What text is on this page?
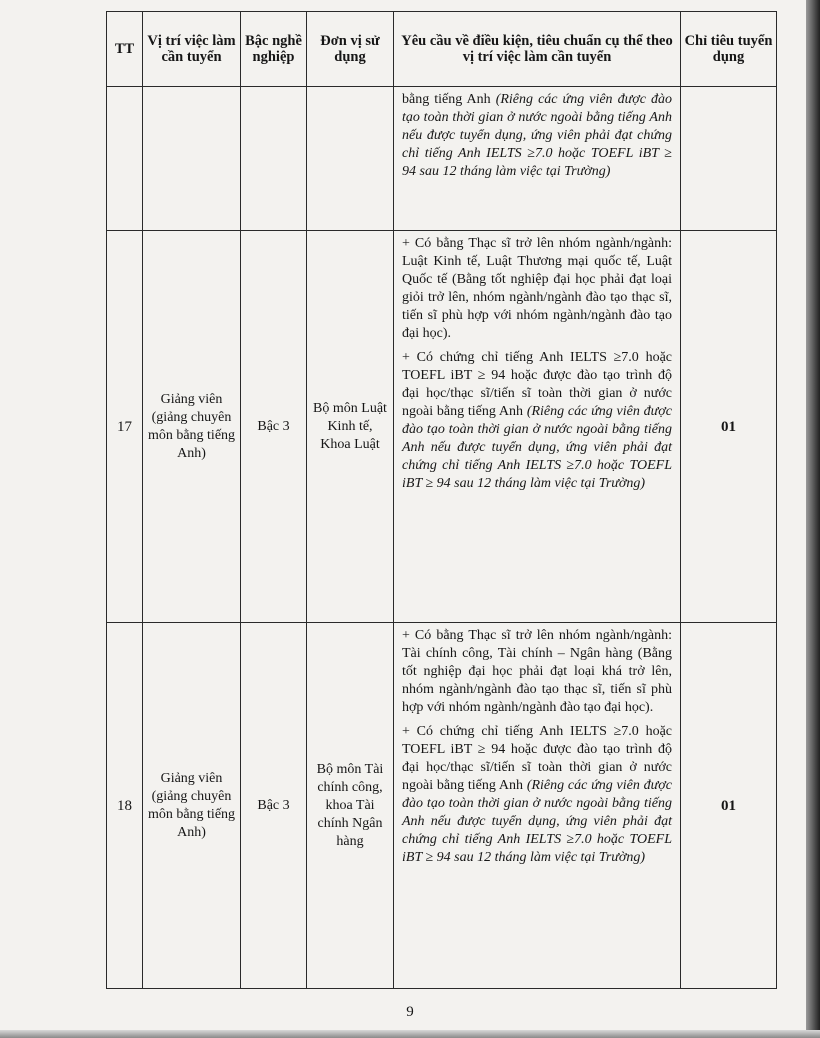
TT	Vị trí việc làm cần tuyển	Bậc nghề nghiệp	Đơn vị sử dụng	Yêu cầu về điều kiện, tiêu chuẩn cụ thể theo vị trí việc làm cần tuyển	Chỉ tiêu tuyển dụng
				bằng tiếng Anh (Riêng các ứng viên được đào tạo toàn thời gian ở nước ngoài bằng tiếng Anh nếu được tuyển dụng, ứng viên phải đạt chứng chỉ tiếng Anh IELTS ≥7.0 hoặc TOEFL iBT ≥ 94 sau 12 tháng làm việc tại Trường)	
17	Giảng viên (giảng chuyên môn bằng tiếng Anh)	Bậc 3	Bộ môn Luật Kinh tế, Khoa Luật	+ Có bằng Thạc sĩ trở lên nhóm ngành/ngành: Luật Kinh tế, Luật Thương mại quốc tế, Luật Quốc tế (Bằng tốt nghiệp đại học phải đạt loại giỏi trở lên, nhóm ngành/ngành đào tạo thạc sĩ, tiến sĩ phù hợp với nhóm ngành/ngành đào tạo đại học).

+ Có chứng chỉ tiếng Anh IELTS ≥7.0 hoặc TOEFL iBT ≥ 94 hoặc được đào tạo trình độ đại học/thạc sĩ/tiến sĩ toàn thời gian ở nước ngoài bằng tiếng Anh (Riêng các ứng viên được đào tạo toàn thời gian ở nước ngoài bằng tiếng Anh nếu được tuyển dụng, ứng viên phải đạt chứng chỉ tiếng Anh IELTS ≥7.0 hoặc TOEFL iBT ≥ 94 sau 12 tháng làm việc tại Trường)	01
18	Giảng viên (giảng chuyên môn bằng tiếng Anh)	Bậc 3	Bộ môn Tài chính công, khoa Tài chính Ngân hàng	+ Có bằng Thạc sĩ trở lên nhóm ngành/ngành: Tài chính công, Tài chính – Ngân hàng (Bằng tốt nghiệp đại học phải đạt loại khá trở lên, nhóm ngành/ngành đào tạo thạc sĩ, tiến sĩ phù hợp với nhóm ngành/ngành đào tạo đại học).

+ Có chứng chỉ tiếng Anh IELTS ≥7.0 hoặc TOEFL iBT ≥ 94 hoặc được đào tạo trình độ đại học/thạc sĩ/tiến sĩ toàn thời gian ở nước ngoài bằng tiếng Anh (Riêng các ứng viên được đào tạo toàn thời gian ở nước ngoài bằng tiếng Anh nếu được tuyển dụng, ứng viên phải đạt chứng chỉ tiếng Anh IELTS ≥7.0 hoặc TOEFL iBT ≥ 94 sau 12 tháng làm việc tại Trường)	01
9
